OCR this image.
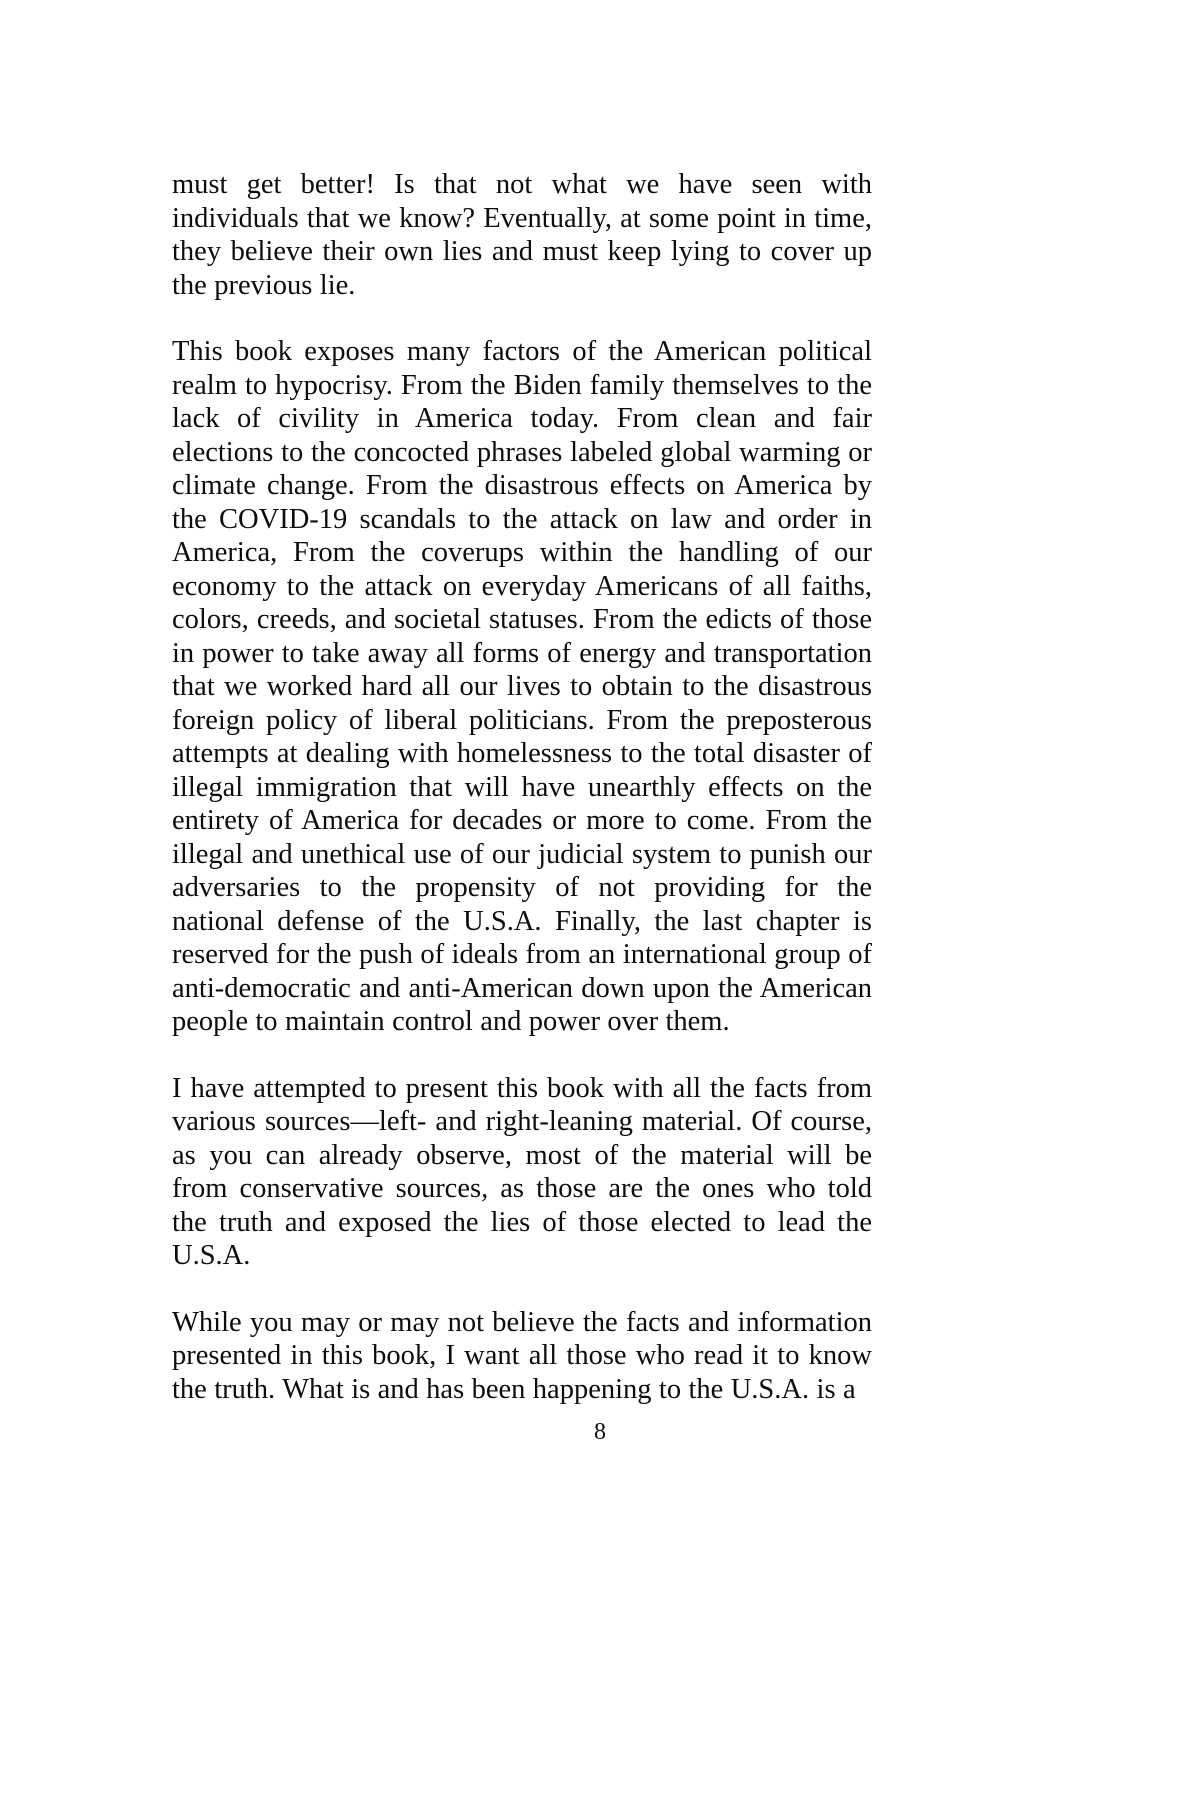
must get better! Is that not what we have seen with individuals that we know? Eventually, at some point in time, they believe their own lies and must keep lying to cover up the previous lie.

This book exposes many factors of the American political realm to hypocrisy. From the Biden family themselves to the lack of civility in America today. From clean and fair elections to the concocted phrases labeled global warming or climate change. From the disastrous effects on America by the COVID-19 scandals to the attack on law and order in America, From the coverups within the handling of our economy to the attack on everyday Americans of all faiths, colors, creeds, and societal statuses. From the edicts of those in power to take away all forms of energy and transportation that we worked hard all our lives to obtain to the disastrous foreign policy of liberal politicians. From the preposterous attempts at dealing with homelessness to the total disaster of illegal immigration that will have unearthly effects on the entirety of America for decades or more to come. From the illegal and unethical use of our judicial system to punish our adversaries to the propensity of not providing for the national defense of the U.S.A. Finally, the last chapter is reserved for the push of ideals from an international group of anti-democratic and anti-American down upon the American people to maintain control and power over them.

I have attempted to present this book with all the facts from various sources—left- and right-leaning material. Of course, as you can already observe, most of the material will be from conservative sources, as those are the ones who told the truth and exposed the lies of those elected to lead the U.S.A.

While you may or may not believe the facts and information presented in this book, I want all those who read it to know the truth. What is and has been happening to the U.S.A. is a

8
